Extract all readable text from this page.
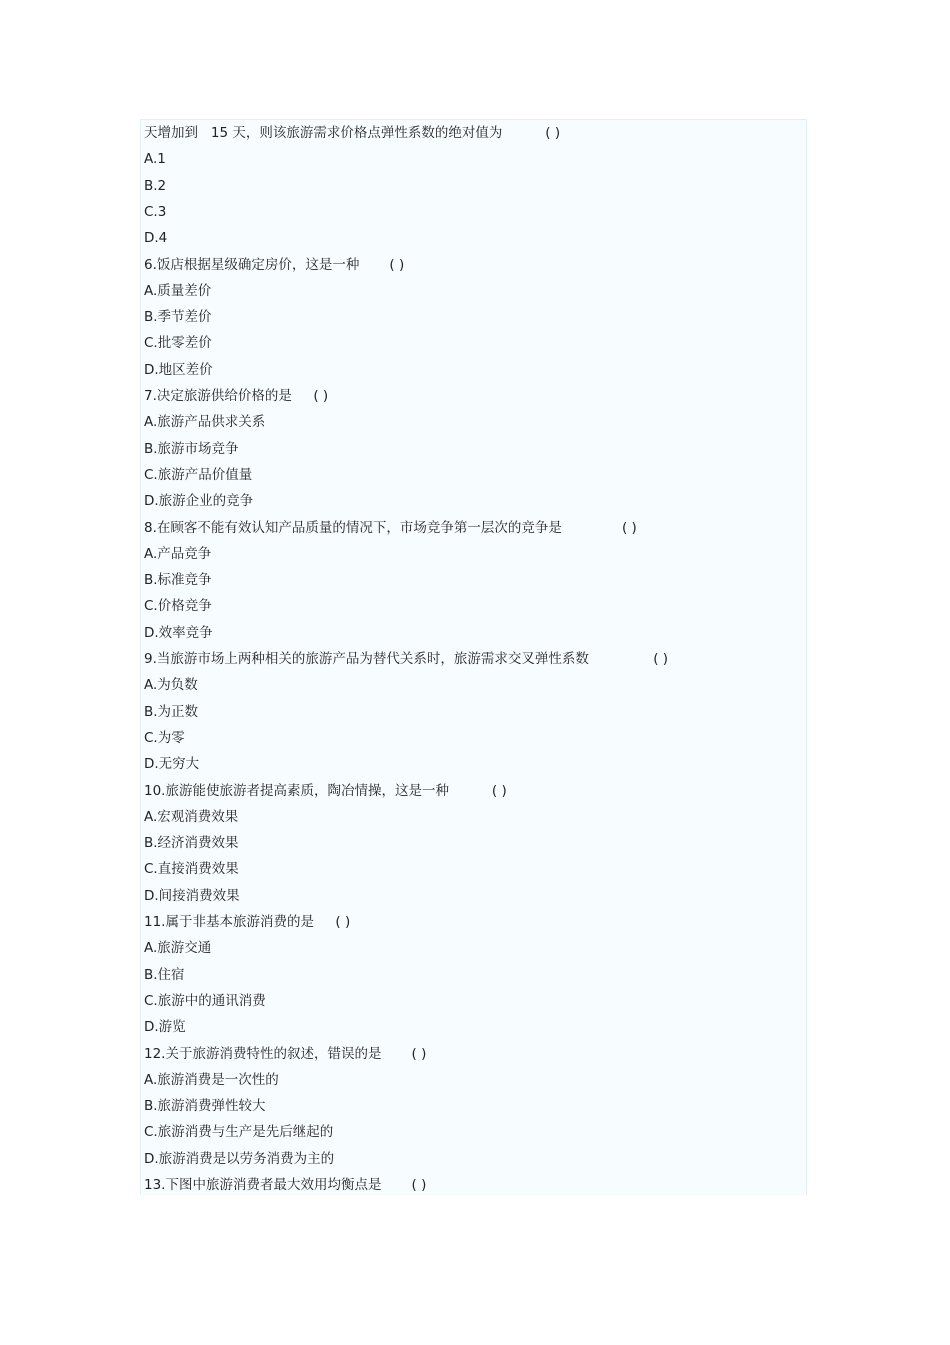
天增加到   15 天，则该旅游需求价格点弹性系数的绝对值为          ( )
A.1
B.2
C.3
D.4
6.饭店根据星级确定房价，这是一种       ( )
A.质量差价
B.季节差价
C.批零差价
D.地区差价
7.决定旅游供给价格的是     ( )
A.旅游产品供求关系
B.旅游市场竞争
C.旅游产品价值量
D.旅游企业的竞争
8.在顾客不能有效认知产品质量的情况下，市场竞争第一层次的竞争是              ( )
A.产品竞争
B.标准竞争
C.价格竞争
D.效率竞争
9.当旅游市场上两种相关的旅游产品为替代关系时，旅游需求交叉弹性系数               ( )
A.为负数
B.为正数
C.为零
D.无穷大
10.旅游能使旅游者提高素质，陶冶情操，这是一种          ( )
A.宏观消费效果
B.经济消费效果
C.直接消费效果
D.间接消费效果
11.属于非基本旅游消费的是     ( )
A.旅游交通
B.住宿
C.旅游中的通讯消费
D.游览
12.关于旅游消费特性的叙述，错误的是       ( )
A.旅游消费是一次性的
B.旅游消费弹性较大
C.旅游消费与生产是先后继起的
D.旅游消费是以劳务消费为主的
13.下图中旅游消费者最大效用均衡点是       ( )
